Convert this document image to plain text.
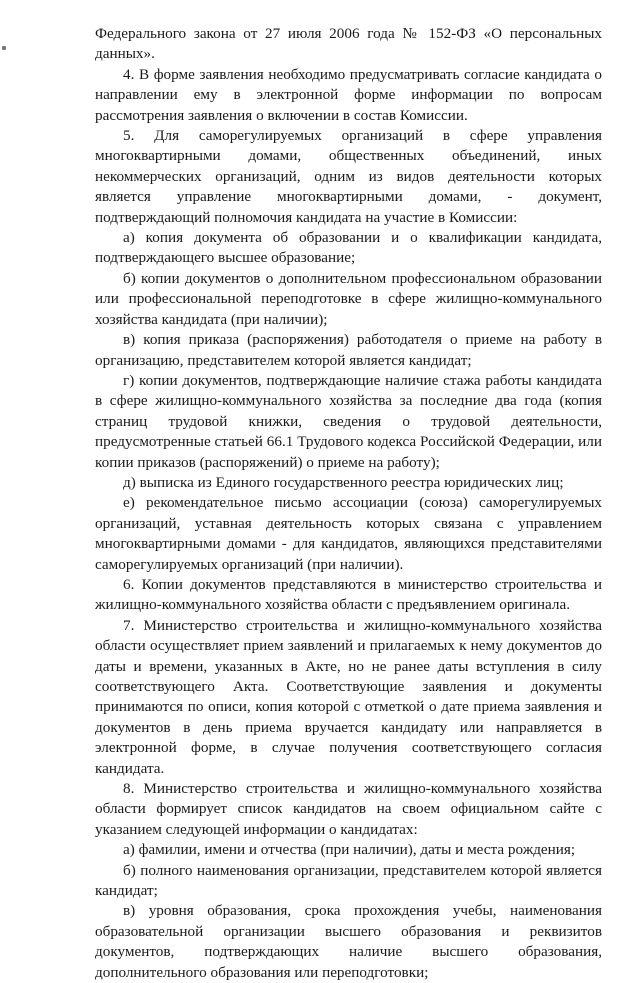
Федерального закона от 27 июля 2006 года № 152-ФЗ «О персональных данных».

4. В форме заявления необходимо предусматривать согласие кандидата о направлении ему в электронной форме информации по вопросам рассмотрения заявления о включении в состав Комиссии.

5. Для саморегулируемых организаций в сфере управления многоквартирными домами, общественных объединений, иных некоммерческих организаций, одним из видов деятельности которых является управление многоквартирными домами, - документ, подтверждающий полномочия кандидата на участие в Комиссии:

а) копия документа об образовании и о квалификации кандидата, подтверждающего высшее образование;

б) копии документов о дополнительном профессиональном образовании или профессиональной переподготовке в сфере жилищно-коммунального хозяйства кандидата (при наличии);

в) копия приказа (распоряжения) работодателя о приеме на работу в организацию, представителем которой является кандидат;

г) копии документов, подтверждающие наличие стажа работы кандидата в сфере жилищно-коммунального хозяйства за последние два года (копия страниц трудовой книжки, сведения о трудовой деятельности, предусмотренные статьей 66.1 Трудового кодекса Российской Федерации, или копии приказов (распоряжений) о приеме на работу);

д) выписка из Единого государственного реестра юридических лиц;

е) рекомендательное письмо ассоциации (союза) саморегулируемых организаций, уставная деятельность которых связана с управлением многоквартирными домами - для кандидатов, являющихся представителями саморегулируемых организаций (при наличии).

6. Копии документов представляются в министерство строительства и жилищно-коммунального хозяйства области с предъявлением оригинала.

7. Министерство строительства и жилищно-коммунального хозяйства области осуществляет прием заявлений и прилагаемых к нему документов до даты и времени, указанных в Акте, но не ранее даты вступления в силу соответствующего Акта. Соответствующие заявления и документы принимаются по описи, копия которой с отметкой о дате приема заявления и документов в день приема вручается кандидату или направляется в электронной форме, в случае получения соответствующего согласия кандидата.

8. Министерство строительства и жилищно-коммунального хозяйства области формирует список кандидатов на своем официальном сайте с указанием следующей информации о кандидатах:

а) фамилии, имени и отчества (при наличии), даты и места рождения;

б) полного наименования организации, представителем которой является кандидат;

в) уровня образования, срока прохождения учебы, наименования образовательной организации высшего образования и реквизитов документов, подтверждающих наличие высшего образования, дополнительного образования или переподготовки;
